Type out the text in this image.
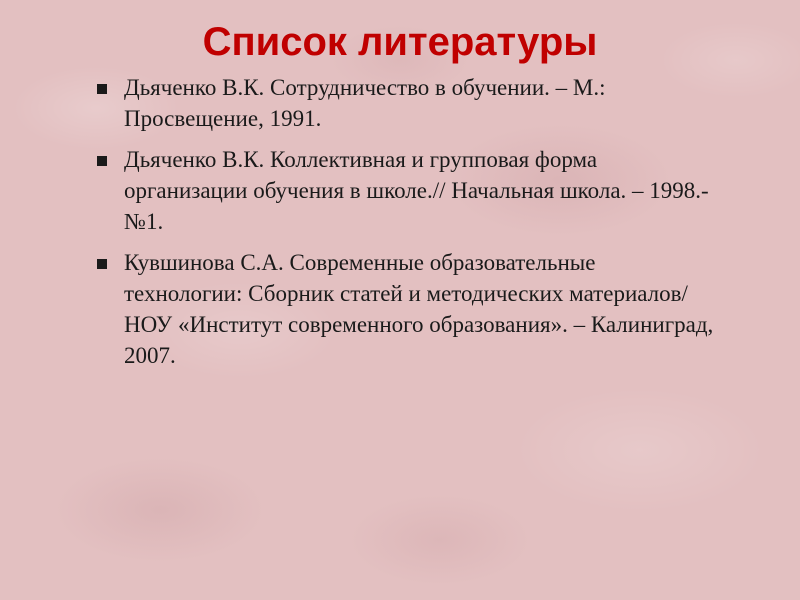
Список литературы
Дьяченко В.К. Сотрудничество в обучении. – М.: Просвещение, 1991.
Дьяченко В.К. Коллективная и групповая форма организации обучения в школе.// Начальная школа. – 1998.- №1.
Кувшинова С.А. Современные образовательные технологии: Сборник статей и методических материалов/НОУ «Институт современного образования». – Калиниград, 2007.
